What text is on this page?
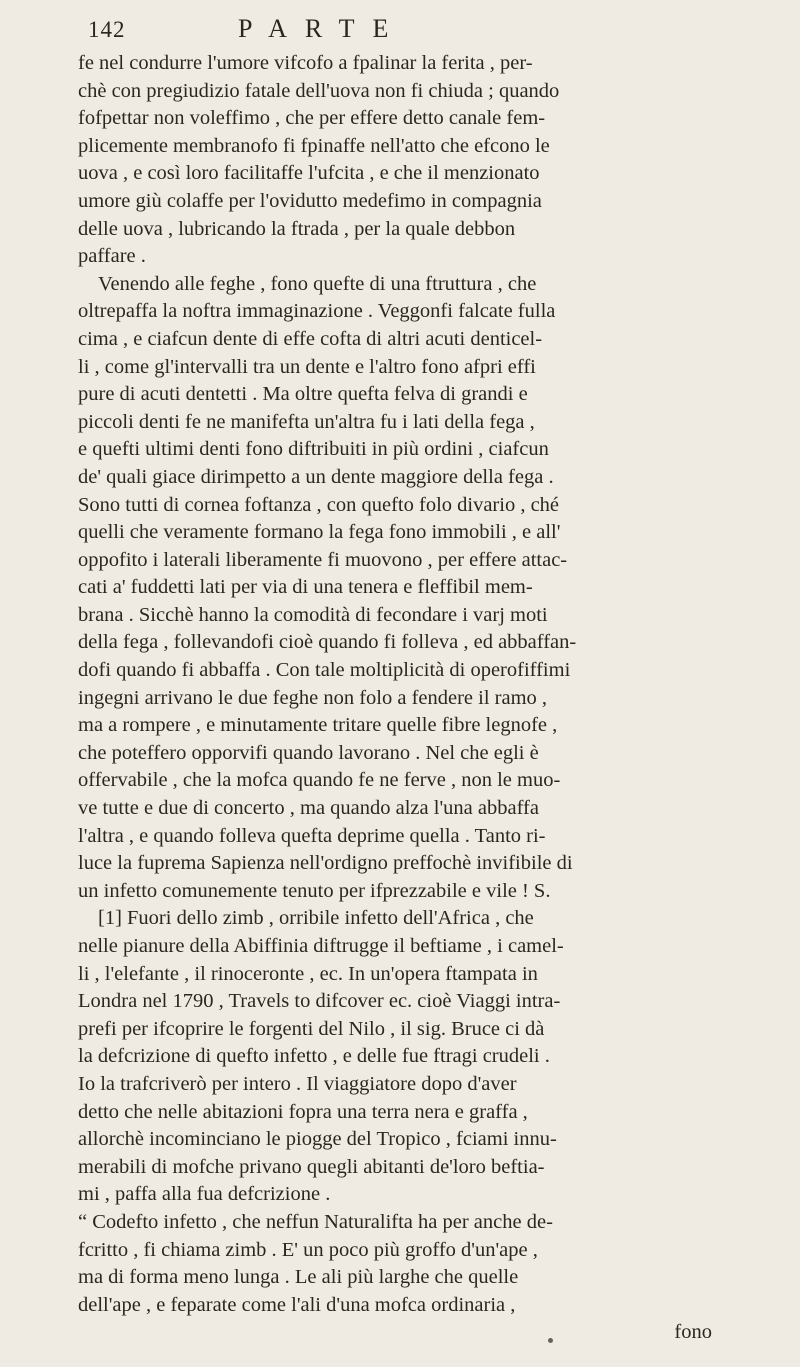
142	PARTE
fe nel condurre l'umore vifcofo a fpalinar la ferita , per-
chè con pregiudizio fatale dell'uova non fi chiuda ; quando
fofpettar non voleffimo , che per effere detto canale fem-
plicemente membranofo fi fpinaffe nell'atto che efcono le
uova , e così loro facilitaffe l'ufcita , e che il menzionato
umore giù colaffe per l'ovidutto medefimo in compagnia
delle uova , lubricando la ftrada , per la quale debbon
paffare .
Venendo alle feghe , fono quefte di una ftruttura , che
oltrepaffa la noftra immaginazione . Veggonfi falcate fulla
cima , e ciafcun dente di effe cofta di altri acuti denticel-
li , come gl'intervalli tra un dente e l'altro fono afpri effi
pure di acuti dentetti . Ma oltre quefta felva di grandi e
piccoli denti fe ne manifefta un'altra fu i lati della fega ,
e quefti ultimi denti fono diftribuiti in più ordini , ciafcun
de' quali giace dirimpetto a un dente maggiore della fega .
Sono tutti di cornea foftanza , con quefto folo divario , ché
quelli che veramente formano la fega fono immobili , e all'
oppofito i laterali liberamente fi muovono , per effere attac-
cati a' fuddetti lati per via di una tenera e fleffibil mem-
brana . Sicchè hanno la comodità di fecondare i varj moti
della fega , follevandofi cioè quando fi folleva , ed abbaffan-
dofi quando fi abbaffa . Con tale moltiplicità di operofiffimi
ingegni arrivano le due feghe non folo a fendere il ramo ,
ma a rompere , e minutamente tritare quelle fibre legnofe ,
che poteffero opporvifi quando lavorano . Nel che egli è
offervabile , che la mofca quando fe ne ferve , non le muo-
ve tutte e due di concerto , ma quando alza l'una abbaffa
l'altra , e quando folleva quefta deprime quella . Tanto ri-
luce la fuprema Sapienza nell'ordigno preffochè invifibile di
un infetto comunemente tenuto per ifprezzabile e vile ! S.
[1] Fuori dello zimb , orribile infetto dell'Africa , che
nelle pianure della Abiffinia diftrugge il beftiame , i camel-
li , l'elefante , il rinoceronte , ec. In un'opera ftampata in
Londra nel 1790 , Travels to difcover ec. cioè Viaggi intra-
prefi per ifcoprire le forgenti del Nilo , il sig. Bruce ci dà
la defcrizione di quefto infetto , e delle fue ftragi crudeli .
Io la trafcriverò per intero . Il viaggiatore dopo d'aver
detto che nelle abitazioni fopra una terra nera e graffa ,
allorchè incominciano le piogge del Tropico , fciami innu-
merabili di mofche privano quegli abitanti de'loro beftia-
mi , paffa alla fua defcrizione .
“ Codefto infetto , che neffun Naturalifta ha per anche de-
fcritto , fi chiama zimb . E' un poco più groffo d'un'ape ,
ma di forma meno lunga . Le ali più larghe che quelle
dell'ape , e feparate come l'ali d'una mofca ordinaria ,
fono
